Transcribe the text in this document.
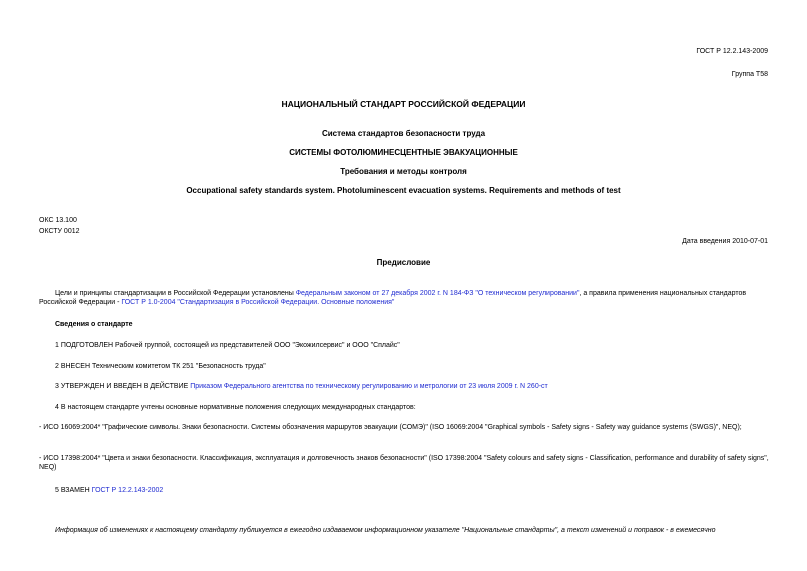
ГОСТ Р 12.2.143-2009
Группа Т58
НАЦИОНАЛЬНЫЙ СТАНДАРТ РОССИЙСКОЙ ФЕДЕРАЦИИ
Система стандартов безопасности труда
СИСТЕМЫ ФОТОЛЮМИНЕСЦЕНТНЫЕ ЭВАКУАЦИОННЫЕ
Требования и методы контроля
Occupational safety standards system. Photoluminescent evacuation systems. Requirements and methods of test
ОКС 13.100
ОКСТУ 0012
Дата введения 2010-07-01
Предисловие
Цели и принципы стандартизации в Российской Федерации установлены Федеральным законом от 27 декабря 2002 г. N 184-ФЗ "О техническом регулировании", а правила применения национальных стандартов Российской Федерации - ГОСТ Р 1.0-2004 "Стандартизация в Российской Федерации. Основные положения"
Сведения о стандарте
1 ПОДГОТОВЛЕН Рабочей группой, состоящей из представителей ООО "Экожилсервис" и ООО "Сплайс"
2 ВНЕСЕН Техническим комитетом ТК 251 "Безопасность труда"
3 УТВЕРЖДЕН И ВВЕДЕН В ДЕЙСТВИЕ Приказом Федерального агентства по техническому регулированию и метрологии от 23 июля 2009 г. N 260-ст
4 В настоящем стандарте учтены основные нормативные положения следующих международных стандартов:
- ИСО 16069:2004* "Графические символы. Знаки безопасности. Системы обозначения маршрутов эвакуации (СОМЭ)" (ISO 16069:2004 "Graphical symbols - Safety signs - Safety way guidance systems (SWGS)", NEQ);
- ИСО 17398:2004* "Цвета и знаки безопасности. Классификация, эксплуатация и долговечность знаков безопасности" (ISO 17398:2004 "Safety colours and safety signs - Classification, performance and durability of safety signs", NEQ)
5 ВЗАМЕН ГОСТ Р 12.2.143-2002
Информация об изменениях к настоящему стандарту публикуется в ежегодно издаваемом информационном указателе "Национальные стандарты", а текст изменений и поправок - в ежемесячно
